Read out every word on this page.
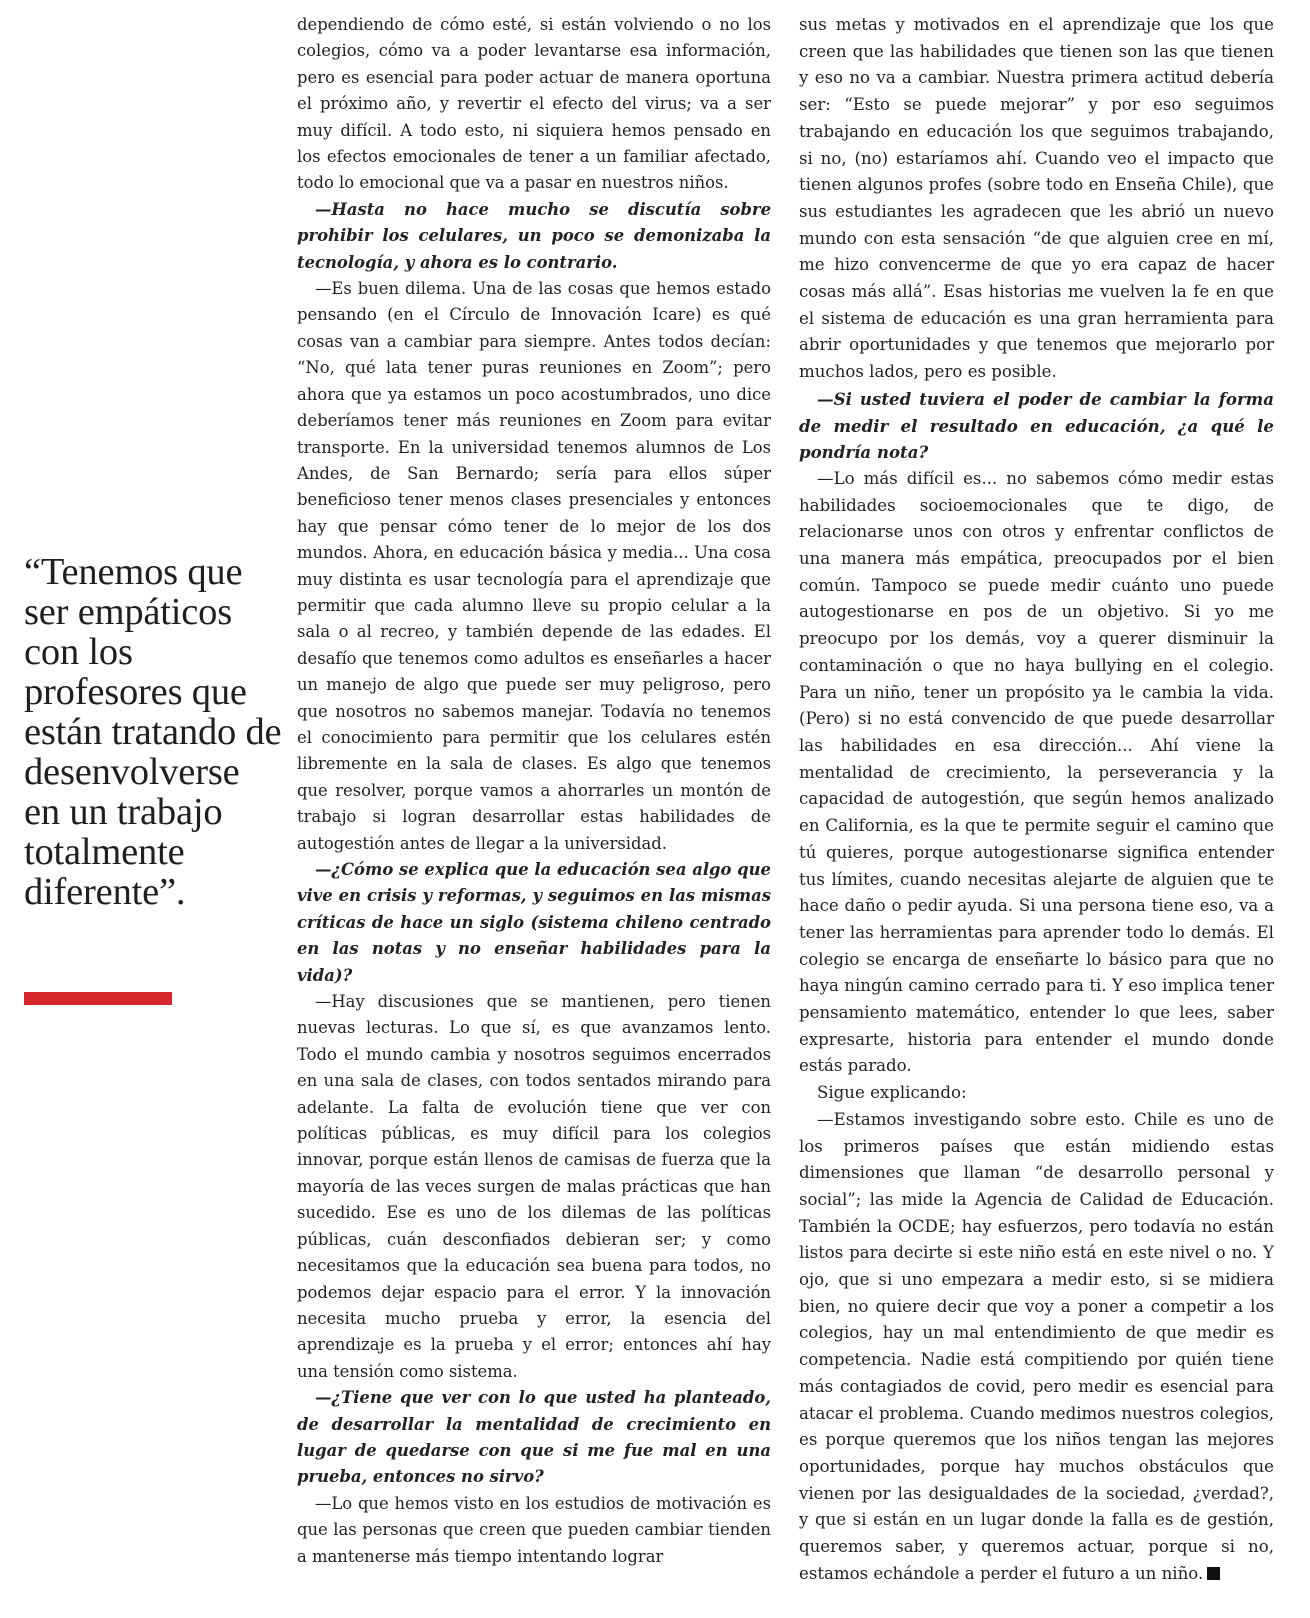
“Tenemos que ser empáticos con los profesores que están tratando de desenvolverse en un trabajo totalmente diferente”.

dependiendo de cómo esté, si están volviendo o no los colegios, cómo va a poder levantarse esa información, pero es esencial para poder actuar de manera oportuna el próximo año, y revertir el efecto del virus; va a ser muy difícil. A todo esto, ni siquiera hemos pensado en los efectos emocionales de tener a un familiar afectado, todo lo emocional que va a pasar en nuestros niños.

—Hasta no hace mucho se discutía sobre prohibir los celulares, un poco se demonizaba la tecnología, y ahora es lo contrario.

—Es buen dilema. Una de las cosas que hemos estado pensando (en el Círculo de Innovación Icare) es qué cosas van a cambiar para siempre. Antes todos decían: “No, qué lata tener puras reuniones en Zoom”; pero ahora que ya estamos un poco acostumbrados, uno dice deberíamos tener más reuniones en Zoom para evitar transporte. En la universidad tenemos alumnos de Los Andes, de San Bernardo; sería para ellos súper beneficioso tener menos clases presenciales y entonces hay que pensar cómo tener de lo mejor de los dos mundos. Ahora, en educación básica y media... Una cosa muy distinta es usar tecnología para el aprendizaje que permitir que cada alumno lleve su propio celular a la sala o al recreo, y también depende de las edades. El desafío que tenemos como adultos es enseñarles a hacer un manejo de algo que puede ser muy peligroso, pero que nosotros no sabemos manejar. Todavía no tenemos el conocimiento para permitir que los celulares estén libremente en la sala de clases. Es algo que tenemos que resolver, porque vamos a ahorrarles un montón de trabajo si logran desarrollar estas habilidades de autogestión antes de llegar a la universidad.

—¿Cómo se explica que la educación sea algo que vive en crisis y reformas, y seguimos en las mismas críticas de hace un siglo (sistema chileno centrado en las notas y no enseñar habilidades para la vida)?

—Hay discusiones que se mantienen, pero tienen nuevas lecturas. Lo que sí, es que avanzamos lento. Todo el mundo cambia y nosotros seguimos encerrados en una sala de clases, con todos sentados mirando para adelante. La falta de evolución tiene que ver con políticas públicas, es muy difícil para los colegios innovar, porque están llenos de camisas de fuerza que la mayoría de las veces surgen de malas prácticas que han sucedido. Ese es uno de los dilemas de las políticas públicas, cuán desconfiados debieran ser; y como necesitamos que la educación sea buena para todos, no podemos dejar espacio para el error. Y la innovación necesita mucho prueba y error, la esencia del aprendizaje es la prueba y el error; entonces ahí hay una tensión como sistema.

—¿Tiene que ver con lo que usted ha planteado, de desarrollar la mentalidad de crecimiento en lugar de quedarse con que si me fue mal en una prueba, entonces no sirvo?

—Lo que hemos visto en los estudios de motivación es que las personas que creen que pueden cambiar tienden a mantenerse más tiempo intentando lograr

sus metas y motivados en el aprendizaje que los que creen que las habilidades que tienen son las que tienen y eso no va a cambiar. Nuestra primera actitud debería ser: “Esto se puede mejorar” y por eso seguimos trabajando en educación los que seguimos trabajando, si no, (no) estaríamos ahí. Cuando veo el impacto que tienen algunos profes (sobre todo en Enseña Chile), que sus estudiantes les agradecen que les abrió un nuevo mundo con esta sensación “de que alguien cree en mí, me hizo convencerme de que yo era capaz de hacer cosas más allá”. Esas historias me vuelven la fe en que el sistema de educación es una gran herramienta para abrir oportunidades y que tenemos que mejorarlo por muchos lados, pero es posible.

—Si usted tuviera el poder de cambiar la forma de medir el resultado en educación, ¿a qué le pondría nota?

—Lo más difícil es... no sabemos cómo medir estas habilidades socioemocionales que te digo, de relacionarse unos con otros y enfrentar conflictos de una manera más empática, preocupados por el bien común. Tampoco se puede medir cuánto uno puede autogestionarse en pos de un objetivo. Si yo me preocupo por los demás, voy a querer disminuir la contaminación o que no haya bullying en el colegio. Para un niño, tener un propósito ya le cambia la vida. (Pero) si no está convencido de que puede desarrollar las habilidades en esa dirección... Ahí viene la mentalidad de crecimiento, la perseverancia y la capacidad de autogestión, que según hemos analizado en California, es la que te permite seguir el camino que tú quieres, porque autogestionarse significa entender tus límites, cuando necesitas alejarte de alguien que te hace daño o pedir ayuda. Si una persona tiene eso, va a tener las herramientas para aprender todo lo demás. El colegio se encarga de enseñarte lo básico para que no haya ningún camino cerrado para ti. Y eso implica tener pensamiento matemático, entender lo que lees, saber expresarte, historia para entender el mundo donde estás parado.

Sigue explicando:

—Estamos investigando sobre esto. Chile es uno de los primeros países que están midiendo estas dimensiones que llaman “de desarrollo personal y social”; las mide la Agencia de Calidad de Educación. También la OCDE; hay esfuerzos, pero todavía no están listos para decirte si este niño está en este nivel o no. Y ojo, que si uno empezara a medir esto, si se midiera bien, no quiere decir que voy a poner a competir a los colegios, hay un mal entendimiento de que medir es competencia. Nadie está compitiendo por quién tiene más contagiados de covid, pero medir es esencial para atacar el problema. Cuando medimos nuestros colegios, es porque queremos que los niños tengan las mejores oportunidades, porque hay muchos obstáculos que vienen por las desigualdades de la sociedad, ¿verdad?, y que si están en un lugar donde la falla es de gestión, queremos saber, y queremos actuar, porque si no, estamos echándole a perder el futuro a un niño.
